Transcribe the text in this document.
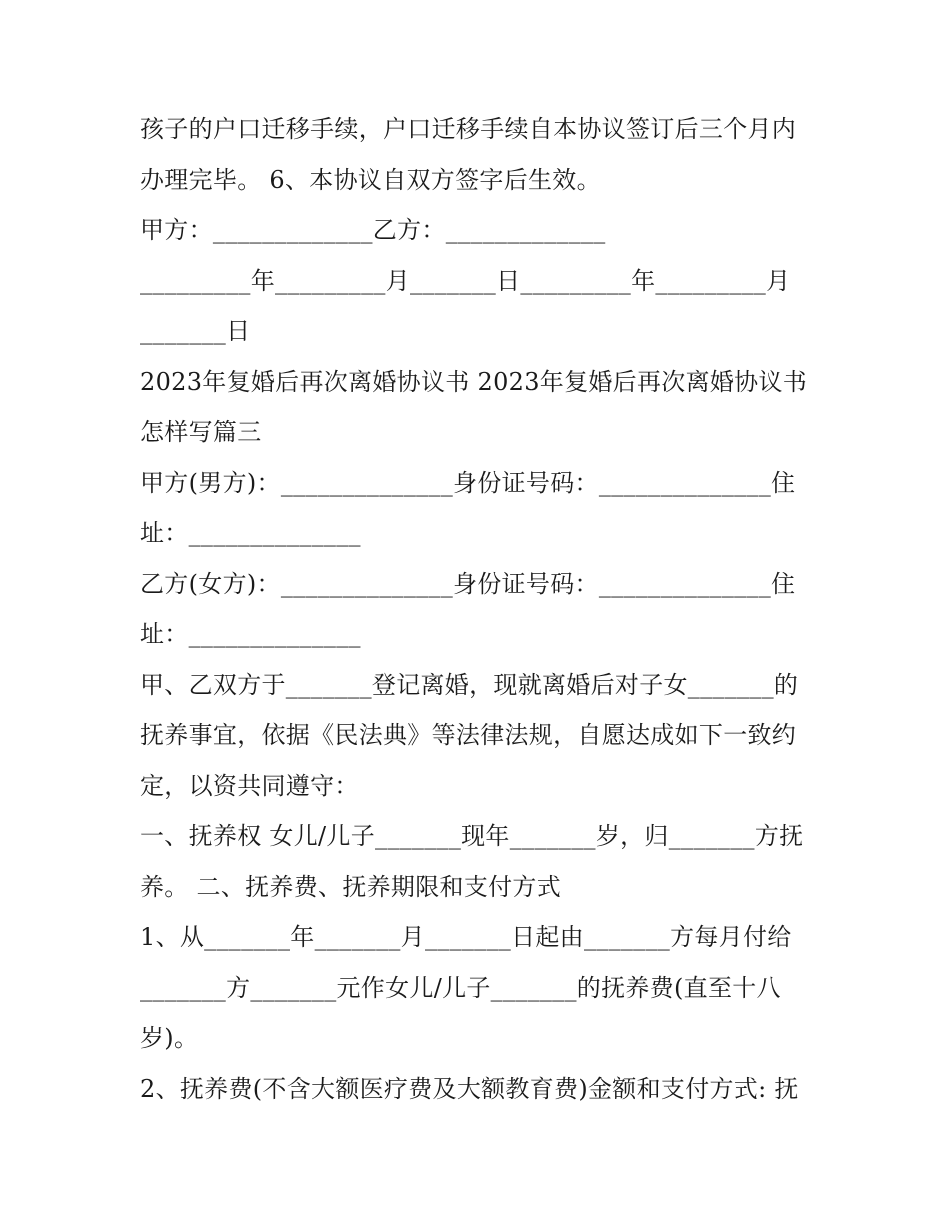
孩子的户口迁移手续，户口迁移手续自本协议签订后三个月内
办理完毕。 6、本协议自双方签字后生效。
甲方：_____________乙方：_____________
_________年_________月_______日_________年_________月
_______日
2023年复婚后再次离婚协议书 2023年复婚后再次离婚协议书
怎样写篇三
甲方(男方)：______________身份证号码：______________住
址：______________
乙方(女方)：______________身份证号码：______________住
址：______________
甲、乙双方于_______登记离婚，现就离婚后对子女_______的
抚养事宜，依据《民法典》等法律法规，自愿达成如下一致约
定，以资共同遵守：
一、抚养权 女儿/儿子_______现年_______岁，归_______方抚
养。 二、抚养费、抚养期限和支付方式
1、从_______年_______月_______日起由_______方每月付给
_______方_______元作女儿/儿子_______的抚养费(直至十八
岁)。
2、抚养费(不含大额医疗费及大额教育费)金额和支付方式: 抚
